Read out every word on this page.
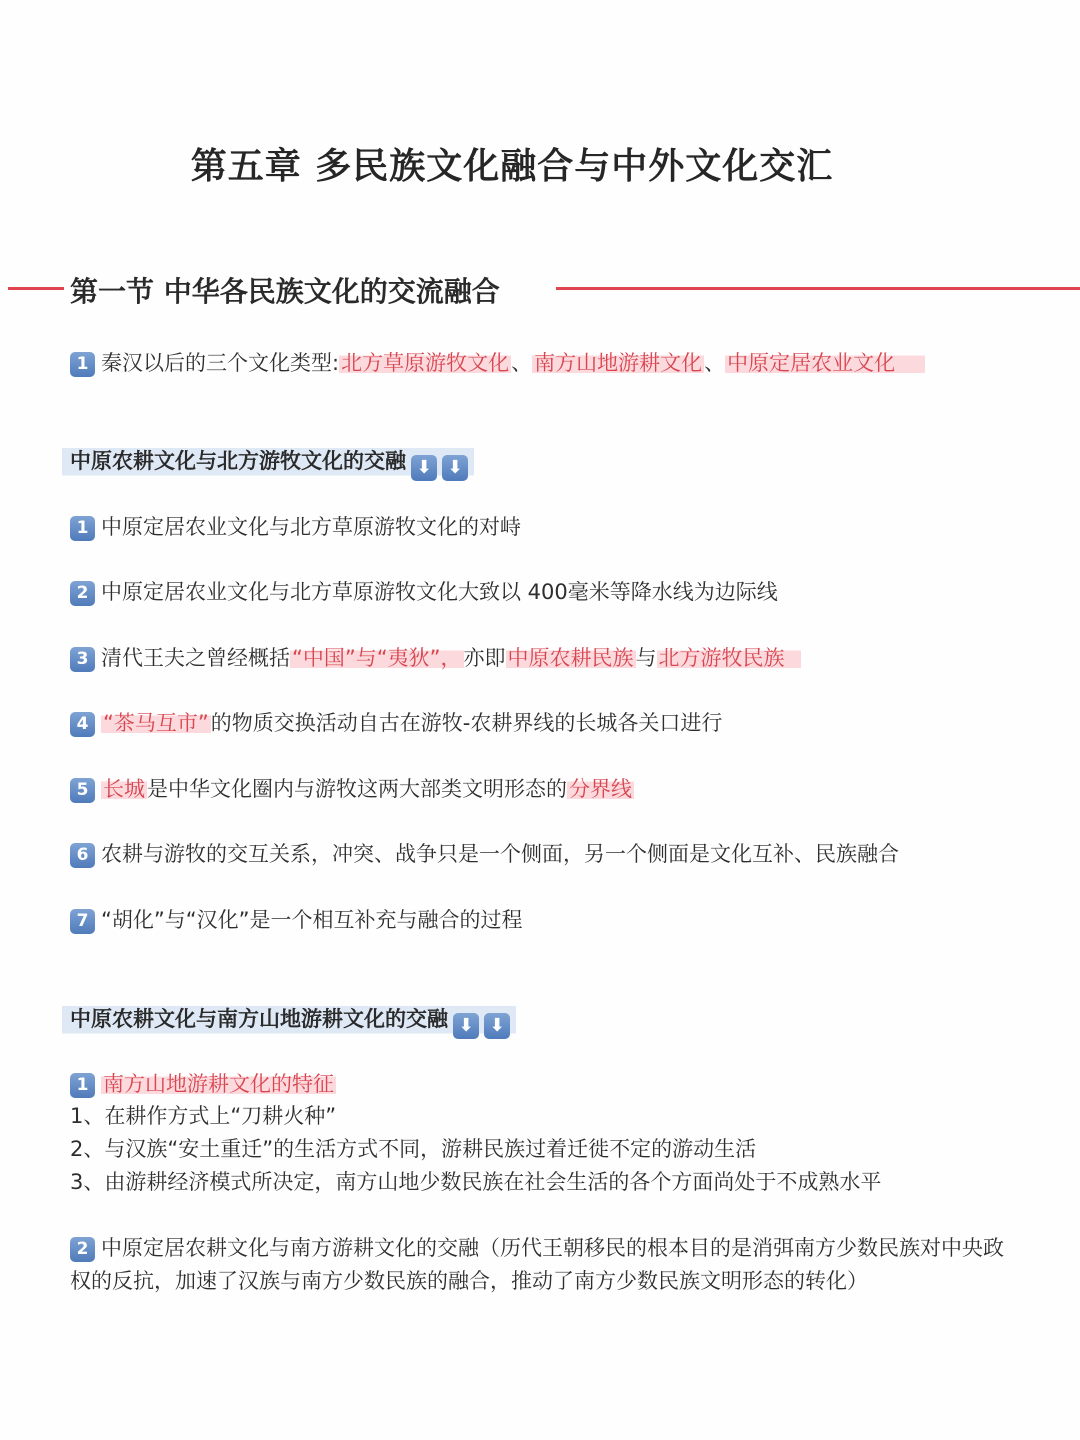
第五章 多民族文化融合与中外文化交汇
第一节 中华各民族文化的交流融合
1 秦汉以后的三个文化类型:北方草原游牧文化、南方山地游耕文化、中原定居农业文化
中原农耕文化与北方游牧文化的交融 ⬇ ⬇
1 中原定居农业文化与北方草原游牧文化的对峙
2 中原定居农业文化与北方草原游牧文化大致以 400毫米等降水线为边际线
3 清代王夫之曾经概括“中国”与“夷狄”，亦即中原农耕民族与北方游牧民族
4 “茶马互市”的物质交换活动自古在游牧-农耕界线的长城各关口进行
5 长城是中华文化圈内与游牧这两大部类文明形态的分界线
6 农耕与游牧的交互关系，冲突、战争只是一个侧面，另一个侧面是文化互补、民族融合
7 “胡化”与“汉化”是一个相互补充与融合的过程
中原农耕文化与南方山地游耕文化的交融 ⬇ ⬇
1 南方山地游耕文化的特征
1、在耕作方式上“刀耕火种”
2、与汉族“安土重迁”的生活方式不同，游耕民族过着迁徙不定的游动生活
3、由游耕经济模式所决定，南方山地少数民族在社会生活的各个方面尚处于不成熟水平
2 中原定居农耕文化与南方游耕文化的交融（历代王朝移民的根本目的是消弭南方少数民族对中央政权的反抗，加速了汉族与南方少数民族的融合，推动了南方少数民族文明形态的转化）
